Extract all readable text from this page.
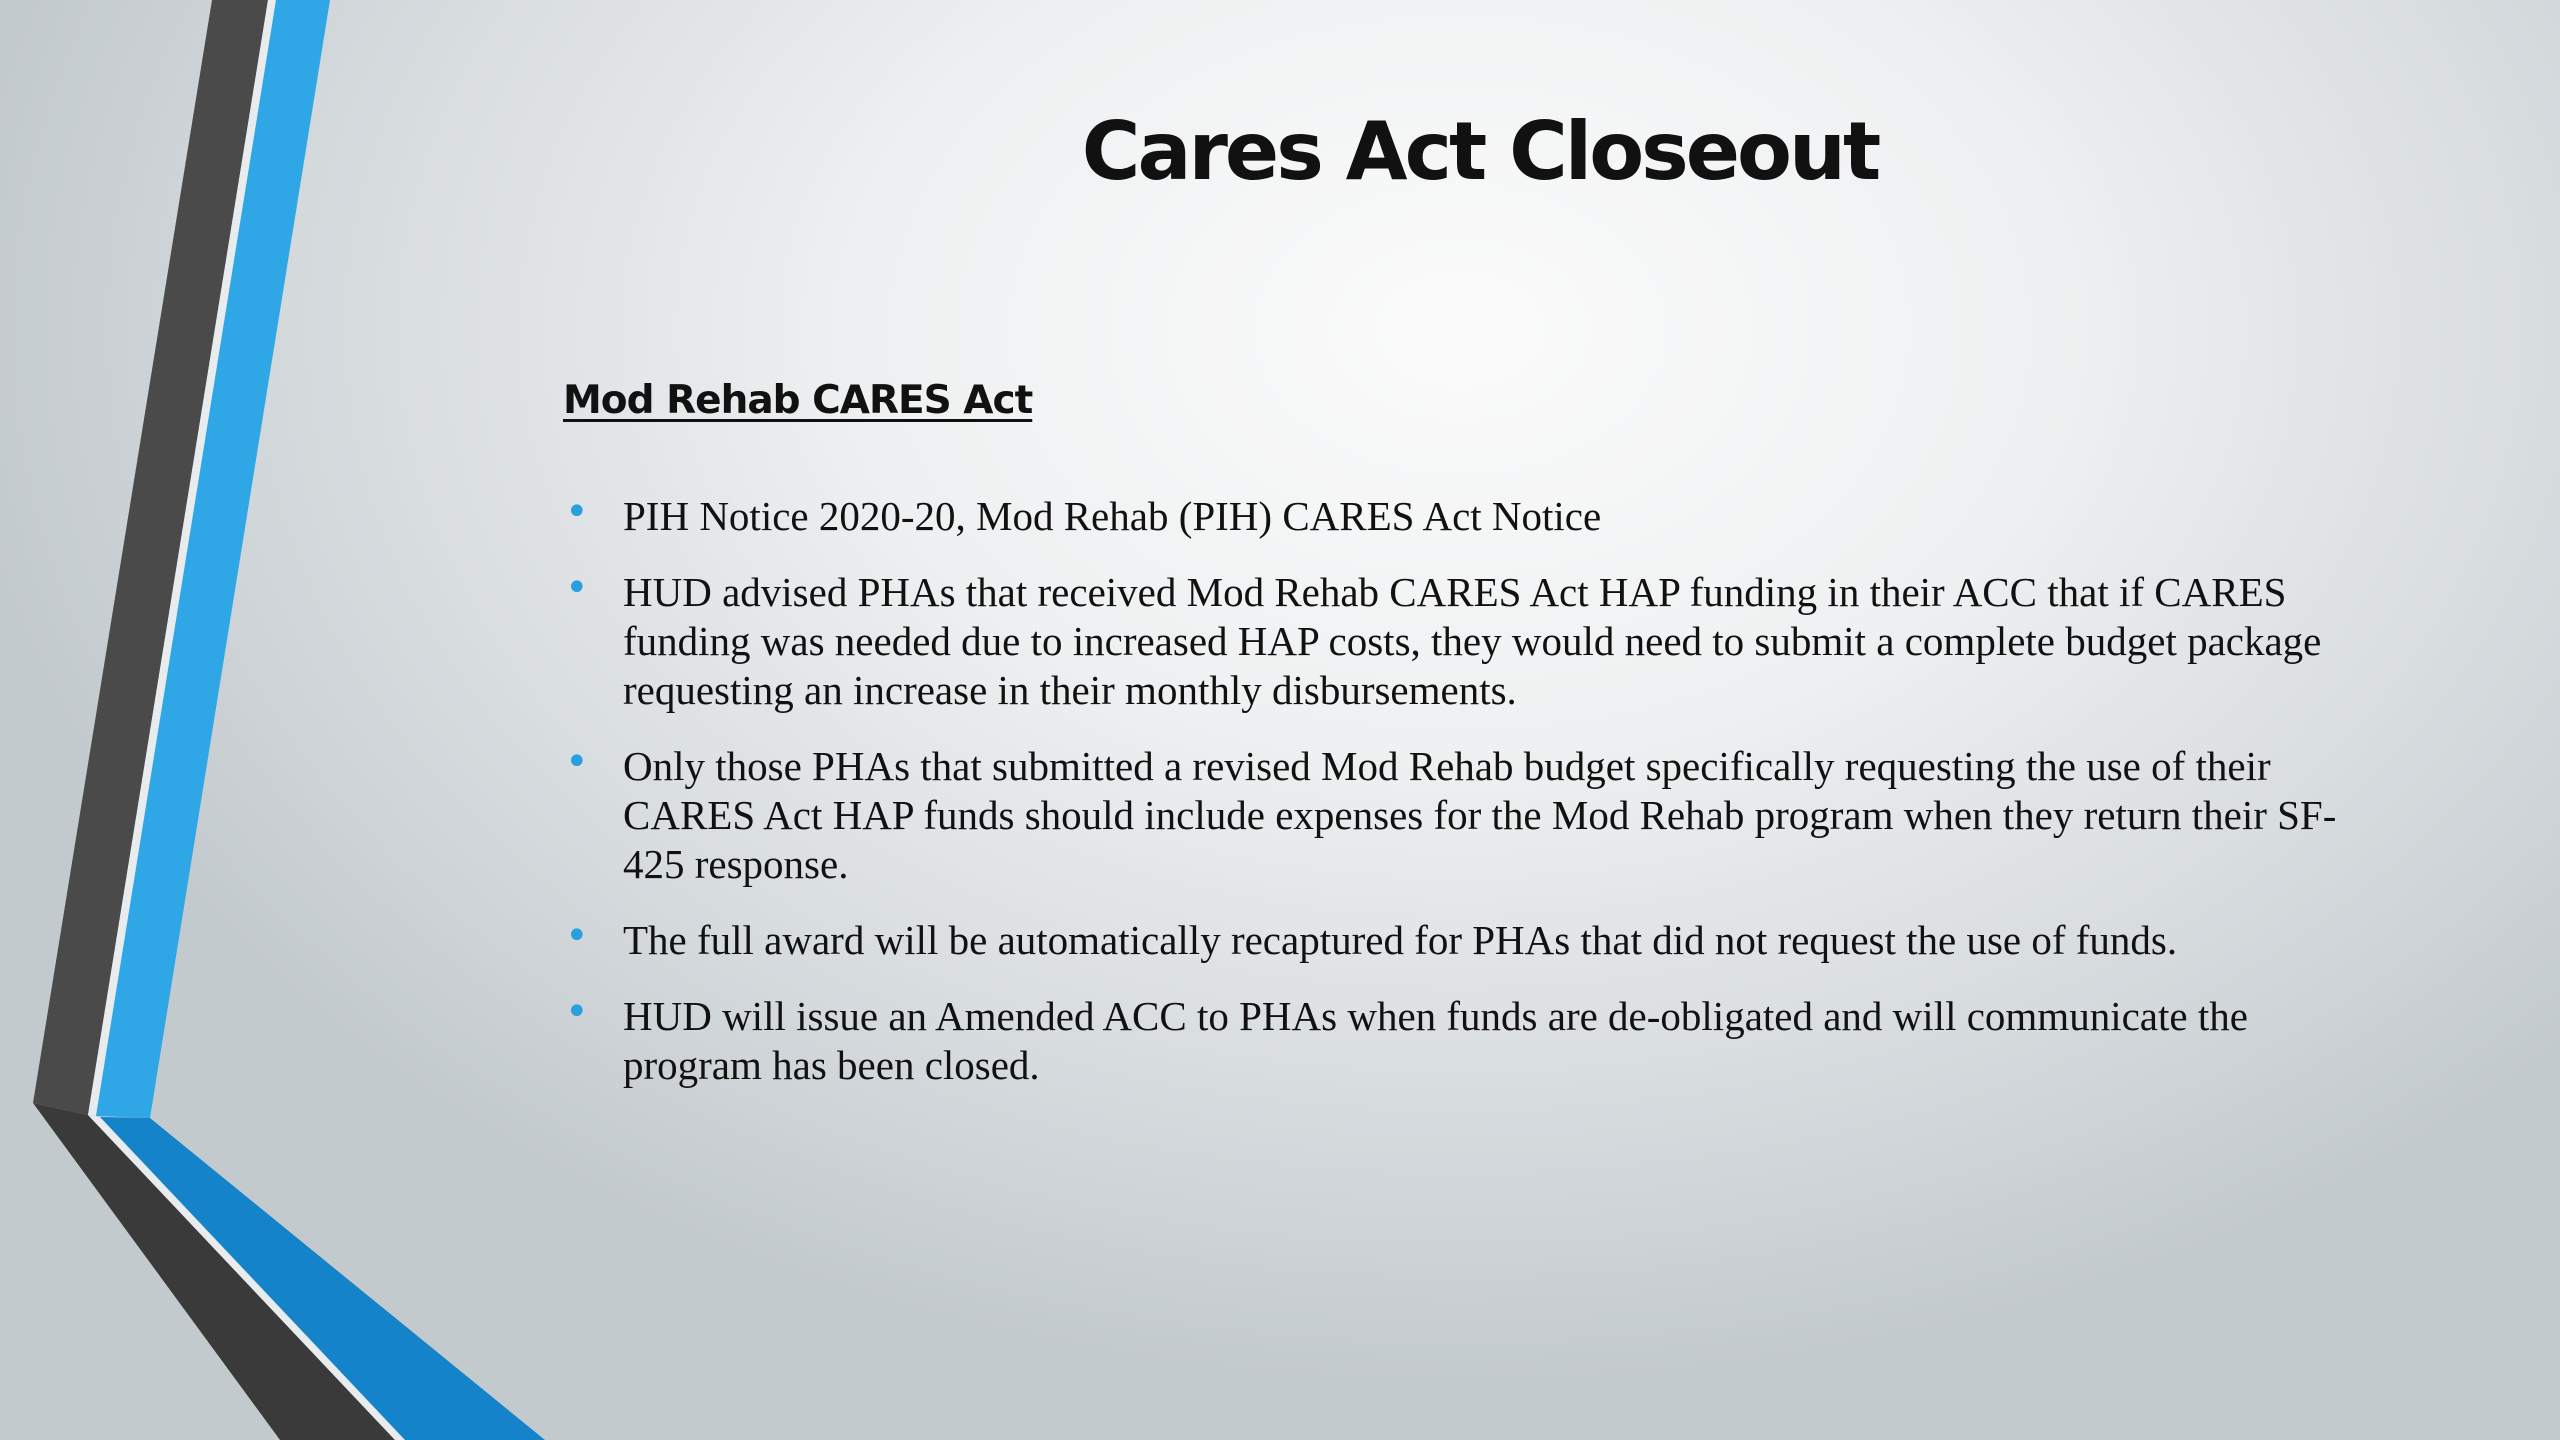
Cares Act Closeout
Mod Rehab CARES Act
• PIH Notice 2020-20, Mod Rehab (PIH) CARES Act Notice
• HUD advised PHAs that received Mod Rehab CARES Act HAP funding in their ACC that if CARES funding was needed due to increased HAP costs, they would need to submit a complete budget package requesting an increase in their monthly disbursements.
• Only those PHAs that submitted a revised Mod Rehab budget specifically requesting the use of their CARES Act HAP funds should include expenses for the Mod Rehab program when they return their SF-425 response.
• The full award will be automatically recaptured for PHAs that did not request the use of funds.
• HUD will issue an Amended ACC to PHAs when funds are de-obligated and will communicate the program has been closed.
